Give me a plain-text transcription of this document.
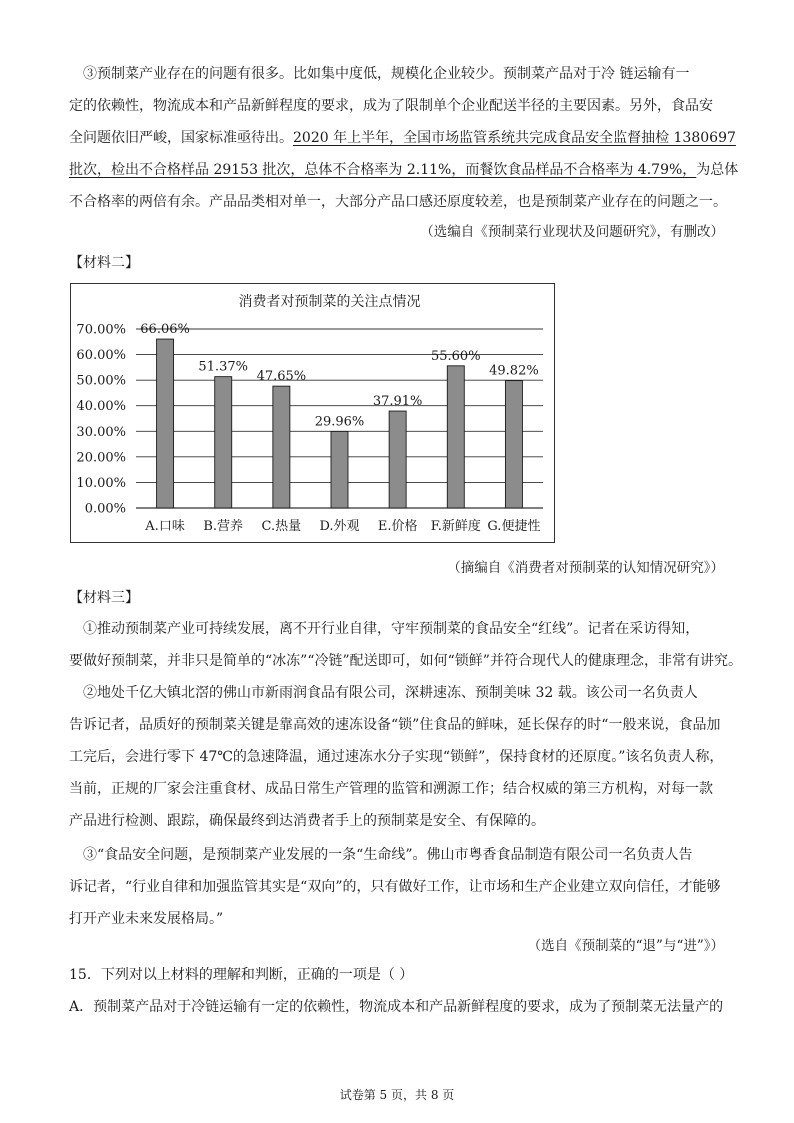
③预制菜产业存在的问题有很多。比如集中度低，规模化企业较少。预制菜产品对于冷 链运输有一
定的依赖性，物流成本和产品新鲜程度的要求，成为了限制单个企业配送半径的主要因素。另外，食品安
全问题依旧严峻，国家标准亟待出。2020 年上半年，全国市场监管系统共完成食品安全监督抽检 1380697
批次，检出不合格样品 29153 批次，总体不合格率为 2.11%，而餐饮食品样品不合格率为 4.79%，为总体
不合格率的两倍有余。产品品类相对单一，大部分产品口感还原度较差，也是预制菜产业存在的问题之一。
（选编自《预制菜行业现状及问题研究》，有删改）
【材料二】
消费者对预制菜的关注点情况
0.00%
10.00%
20.00%
30.00%
40.00%
50.00%
60.00%
70.00% 66.06%
A.口味
51.37%
B.营养
47.65%
C.热量
29.96%
D.外观
37.91%
E.价格
55.60%
F.新鲜度
49.82%
G.便捷性
（摘编自《消费者对预制菜的认知情况研究》）
【材料三】
①推动预制菜产业可持续发展，离不开行业自律，守牢预制菜的食品安全“红线”。记者在采访得知，
要做好预制菜，并非只是简单的“冰冻”“冷链”配送即可，如何“锁鲜”并符合现代人的健康理念，非常有讲究。
②地处千亿大镇北滘的佛山市新雨润食品有限公司，深耕速冻、预制美味 32 载。该公司一名负责人
告诉记者，品质好的预制菜关键是靠高效的速冻设备“锁”住食品的鲜味，延长保存的时“一般来说，食品加
工完后，会进行零下 47℃的急速降温，通过速冻水分子实现“锁鲜”，保持食材的还原度。”该名负责人称，
当前，正规的厂家会注重食材、成品日常生产管理的监管和溯源工作；结合权威的第三方机构，对每一款
产品进行检测、跟踪，确保最终到达消费者手上的预制菜是安全、有保障的。
③“食品安全问题，是预制菜产业发展的一条“生命线”。佛山市粤香食品制造有限公司一名负责人告
诉记者，“行业自律和加强监管其实是“双向”的，只有做好工作，让市场和生产企业建立双向信任，才能够
打开产业未来发展格局。”
（选自《预制菜的“退”与“进”》）
15．下列对以上材料的理解和判断，正确的一项是（ ）
A．预制菜产品对于冷链运输有一定的依赖性，物流成本和产品新鲜程度的要求，成为了预制菜无法量产的
试卷第 5 页，共 8 页
